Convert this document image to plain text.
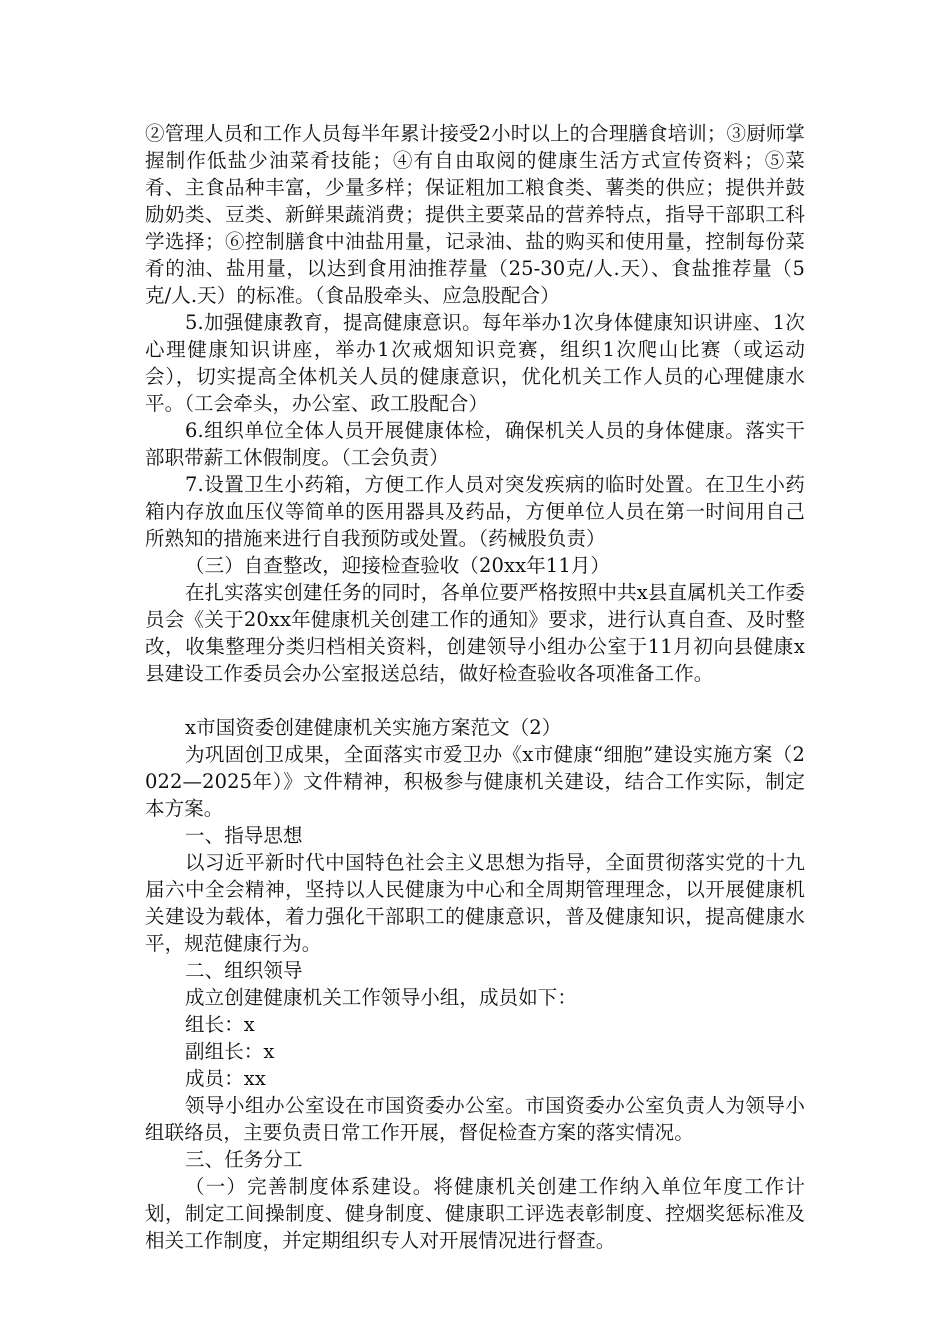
②管理人员和工作人员每半年累计接受2小时以上的合理膳食培训；③厨师掌握制作低盐少油菜肴技能；④有自由取阅的健康生活方式宣传资料；⑤菜肴、主食品种丰富，少量多样；保证粗加工粮食类、薯类的供应；提供并鼓励奶类、豆类、新鲜果蔬消费；提供主要菜品的营养特点，指导干部职工科学选择；⑥控制膳食中油盐用量，记录油、盐的购买和使用量，控制每份菜肴的油、盐用量，以达到食用油推荐量（25-30克/人.天）、食盐推荐量（5克/人.天）的标准。（食品股牵头、应急股配合）

5.加强健康教育，提高健康意识。每年举办1次身体健康知识讲座、1次心理健康知识讲座，举办1次戒烟知识竞赛，组织1次爬山比赛（或运动会），切实提高全体机关人员的健康意识，优化机关工作人员的心理健康水平。（工会牵头，办公室、政工股配合）

6.组织单位全体人员开展健康体检，确保机关人员的身体健康。落实干部职带薪工休假制度。（工会负责）

7.设置卫生小药箱，方便工作人员对突发疾病的临时处置。在卫生小药箱内存放血压仪等简单的医用器具及药品，方便单位人员在第一时间用自己所熟知的措施来进行自我预防或处置。（药械股负责）

（三）自查整改，迎接检查验收（20xx年11月）

在扎实落实创建任务的同时，各单位要严格按照中共x县直属机关工作委员会《关于20xx年健康机关创建工作的通知》要求，进行认真自查、及时整改，收集整理分类归档相关资料，创建领导小组办公室于11月初向县健康x县建设工作委员会办公室报送总结，做好检查验收各项准备工作。

x市国资委创建健康机关实施方案范文（2）

为巩固创卫成果，全面落实市爱卫办《x市健康“细胞”建设实施方案（2022—2025年）》文件精神，积极参与健康机关建设，结合工作实际，制定本方案。

一、指导思想

以习近平新时代中国特色社会主义思想为指导，全面贯彻落实党的十九届六中全会精神，坚持以人民健康为中心和全周期管理理念，以开展健康机关建设为载体，着力强化干部职工的健康意识，普及健康知识，提高健康水平，规范健康行为。

二、组织领导

成立创建健康机关工作领导小组，成员如下：

组长：x

副组长：x

成员：xx

领导小组办公室设在市国资委办公室。市国资委办公室负责人为领导小组联络员，主要负责日常工作开展，督促检查方案的落实情况。

三、任务分工

（一）完善制度体系建设。将健康机关创建工作纳入单位年度工作计划，制定工间操制度、健身制度、健康职工评选表彰制度、控烟奖惩标准及相关工作制度，并定期组织专人对开展情况进行督查。
